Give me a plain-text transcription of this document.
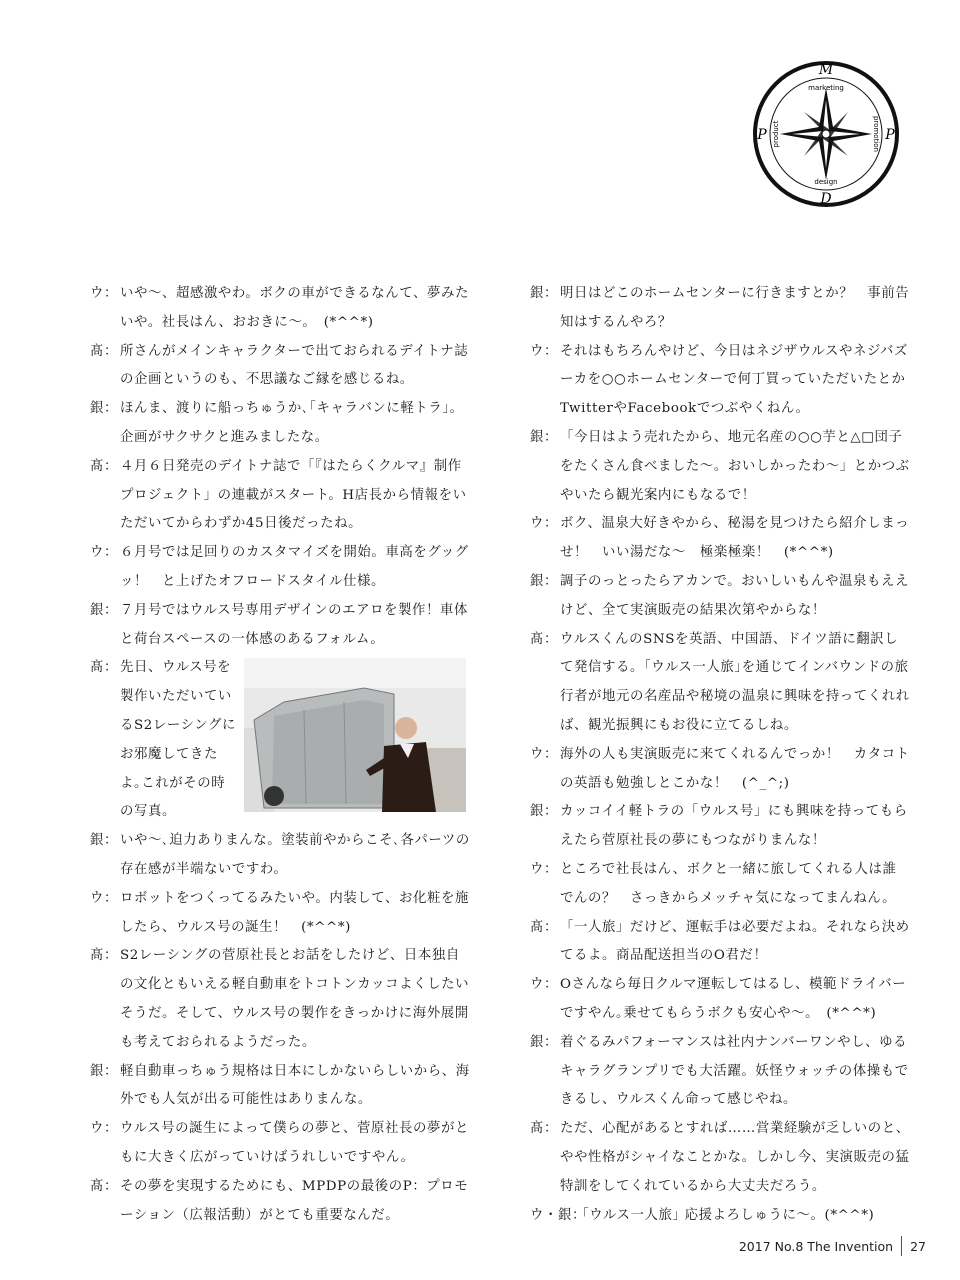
M
P	P
D
marketing
design
product	promotion
ウ： いや〜、超感激やわ。ボクの車ができるなんて、夢みたいや。社長はん、おおきに〜。　(*^^*)

髙： 所さんがメインキャラクターで出ておられるデイトナ誌の企画というのも、不思議なご縁を感じるね。

銀： ほんま、渡りに船っちゅうか､｢キャラバンに軽トラ｣。企画がサクサクと進みましたな。

髙： ４月６日発売のデイトナ誌で「『はたらくクルマ』制作プロジェクト」の連載がスタート。H店長から情報をいただいてからわずか45日後だったね。

ウ： ６月号では足回りのカスタマイズを開始。車高をグッグッ！　と上げたオフロードスタイル仕様。

銀： ７月号ではウルス号専用デザインのエアロを製作！車体と荷台スペースの一体感のあるフォルム。

髙： 先日、ウルス号を製作いただいているS2レーシングにお邪魔してきたよ｡これがその時の写真。

銀： いや〜､迫力ありまんな。塗装前やからこそ､各パーツの存在感が半端ないですわ。

ウ： ロボットをつくってるみたいや。内装して、お化粧を施したら、ウルス号の誕生！　(*^^*)

髙： S2レーシングの菅原社長とお話をしたけど、日本独自の文化ともいえる軽自動車をトコトンカッコよくしたいそうだ。そして、ウルス号の製作をきっかけに海外展開も考えておられるようだった。

銀： 軽自動車っちゅう規格は日本にしかないらしいから、海外でも人気が出る可能性はありまんな。

ウ： ウルス号の誕生によって僕らの夢と、菅原社長の夢がともに大きく広がっていけばうれしいですやん。

髙： その夢を実現するためにも、MPDPの最後のP：プロモーション（広報活動）がとても重要なんだ。

銀： 明日はどこのホームセンターに行きますとか？　事前告知はするんやろ？

ウ： それはもちろんやけど、今日はネジザウルスやネジバズーカを○○ホームセンターで何丁買っていただいたとかTwitterやFacebookでつぶやくねん。

銀： 「今日はよう売れたから、地元名産の○○芋と△□団子をたくさん食べました〜。おいしかったわ〜」とかつぶやいたら観光案内にもなるで！

ウ： ボク、温泉大好きやから、秘湯を見つけたら紹介しまっせ！　いい湯だな〜　極楽極楽！　(*^^*)

銀： 調子のっとったらアカンで。おいしいもんや温泉もええけど、全て実演販売の結果次第やからな！

髙： ウルスくんのSNSを英語、中国語、ドイツ語に翻訳して発信する。｢ウルス一人旅｣を通じてインバウンドの旅行者が地元の名産品や秘境の温泉に興味を持ってくれれば、観光振興にもお役に立てるしね。

ウ： 海外の人も実演販売に来てくれるんでっか！　カタコトの英語も勉強しとこかな！　(^_^;)

銀： カッコイイ軽トラの「ウルス号」にも興味を持ってもらえたら菅原社長の夢にもつながりまんな！

ウ： ところで社長はん、ボクと一緒に旅してくれる人は誰でんの？　さっきからメッチャ気になってまんねん。

髙： 「一人旅」だけど、運転手は必要だよね。それなら決めてるよ。商品配送担当のO君だ！

ウ： Oさんなら毎日クルマ運転してはるし、模範ドライバーですやん｡乗せてもらうボクも安心や〜。　(*^^*)

銀： 着ぐるみパフォーマンスは社内ナンバーワンやし、ゆるキャラグランプリでも大活躍。妖怪ウォッチの体操もできるし、ウルスくん命って感じやね。

髙： ただ、心配があるとすれば……営業経験が乏しいのと、やや性格がシャイなことかな。しかし今、実演販売の猛特訓をしてくれているから大丈夫だろう。

ウ・銀：

｢ウルス一人旅｣ 応援よろしゅうに〜。(*^^*)

2017 No.8 The Invention 27
